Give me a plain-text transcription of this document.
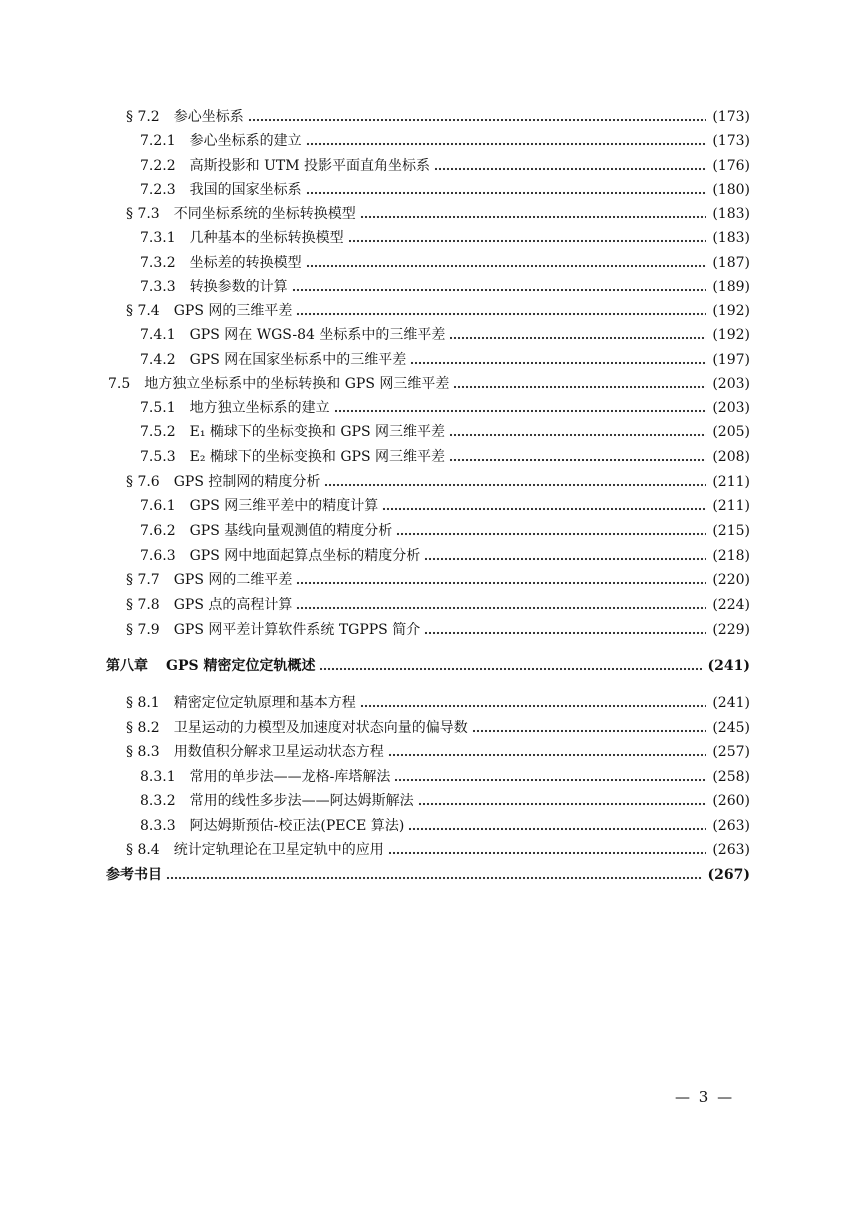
§ 7.2 参心坐标系	(173)
7.2.1 参心坐标系的建立	(173)
7.2.2 高斯投影和 UTM 投影平面直角坐标系	(176)
7.2.3 我国的国家坐标系	(180)
§ 7.3 不同坐标系统的坐标转换模型	(183)
7.3.1 几种基本的坐标转换模型	(183)
7.3.2 坐标差的转换模型	(187)
7.3.3 转换参数的计算	(189)
§ 7.4 GPS 网的三维平差	(192)
7.4.1 GPS 网在 WGS-84 坐标系中的三维平差	(192)
7.4.2 GPS 网在国家坐标系中的三维平差	(197)
7.5 地方独立坐标系中的坐标转换和 GPS 网三维平差	(203)
7.5.1 地方独立坐标系的建立	(203)
7.5.2 E₁ 椭球下的坐标变换和 GPS 网三维平差	(205)
7.5.3 E₂ 椭球下的坐标变换和 GPS 网三维平差	(208)
§ 7.6 GPS 控制网的精度分析	(211)
7.6.1 GPS 网三维平差中的精度计算	(211)
7.6.2 GPS 基线向量观测值的精度分析	(215)
7.6.3 GPS 网中地面起算点坐标的精度分析	(218)
§ 7.7 GPS 网的二维平差	(220)
§ 7.8 GPS 点的高程计算	(224)
§ 7.9 GPS 网平差计算软件系统 TGPPS 简介	(229)
第八章 GPS 精密定位定轨概述	(241)
§ 8.1 精密定位定轨原理和基本方程	(241)
§ 8.2 卫星运动的力模型及加速度对状态向量的偏导数	(245)
§ 8.3 用数值积分解求卫星运动状态方程	(257)
8.3.1 常用的单步法——龙格-库塔解法	(258)
8.3.2 常用的线性多步法——阿达姆斯解法	(260)
8.3.3 阿达姆斯预估-校正法(PECE 算法)	(263)
§ 8.4 统计定轨理论在卫星定轨中的应用	(263)
参考书目	(267)
— 3 —
